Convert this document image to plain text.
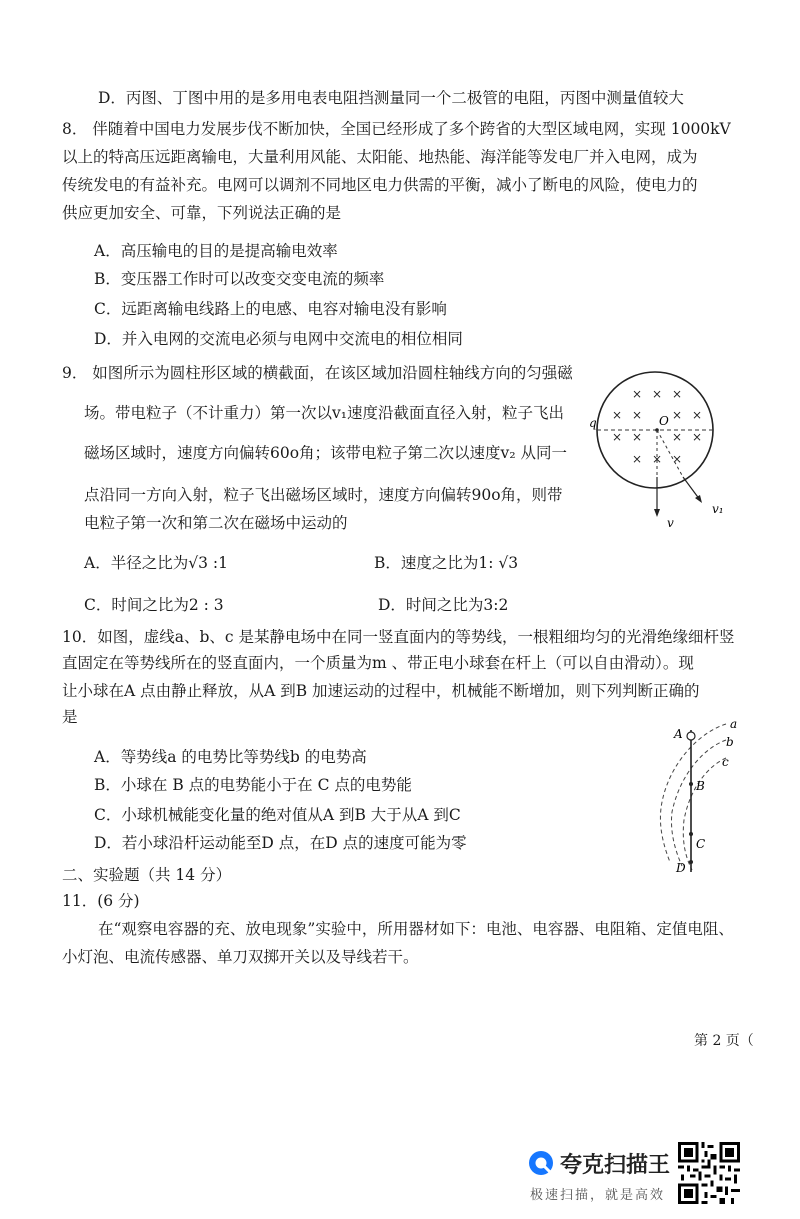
D．丙图、丁图中用的是多用电表电阻挡测量同一个二极管的电阻，丙图中测量值较大
8． 伴随着中国电力发展步伐不断加快，全国已经形成了多个跨省的大型区域电网，实现 1000kV
以上的特高压远距离输电，大量利用风能、太阳能、地热能、海洋能等发电厂并入电网，成为
传统发电的有益补充。电网可以调剂不同地区电力供需的平衡，减小了断电的风险，使电力的
供应更加安全、可靠，下列说法正确的是
A．高压输电的目的是提高输电效率
B．变压器工作时可以改变交变电流的频率
C．远距离输电线路上的电感、电容对输电没有影响
D．并入电网的交流电必须与电网中交流电的相位相同
9． 如图所示为圆柱形区域的横截面，在该区域加沿圆柱轴线方向的匀强磁
场。带电粒子（不计重力）第一次以v₁速度沿截面直径入射，粒子飞出
磁场区域时，速度方向偏转60o角；该带电粒子第二次以速度v₂ 从同一
点沿同一方向入射，粒子飞出磁场区域时，速度方向偏转90o角，则带
电粒子第一次和第二次在磁场中运动的
A．半径之比为√3 :1	B．速度之比为1: √3
C．时间之比为2 : 3	D．时间之比为3:2
× × ×
× × × ×
× × × ×
× × ×
O
q
v
v₁
10．如图，虚线a、b、c 是某静电场中在同一竖直面内的等势线，一根粗细均匀的光滑绝缘细杆竖
直固定在等势线所在的竖直面内，一个质量为m 、带正电小球套在杆上（可以自由滑动）。现
让小球在A 点由静止释放，从A 到B 加速运动的过程中，机械能不断增加，则下列判断正确的
是
A．等势线a 的电势比等势线b 的电势高
B．小球在 B 点的电势能小于在 C 点的电势能
C．小球机械能变化量的绝对值从A 到B 大于从A 到C
D．若小球沿杆运动能至D 点，在D 点的速度可能为零
A
B
C
D
a
b
c
二、实验题（共 14 分）
11．(6 分)
在“观察电容器的充、放电现象”实验中，所用器材如下：电池、电容器、电阻箱、定值电阻、
小灯泡、电流传感器、单刀双掷开关以及导线若干。
第 2 页（
夸克扫描王
极速扫描，就是高效
